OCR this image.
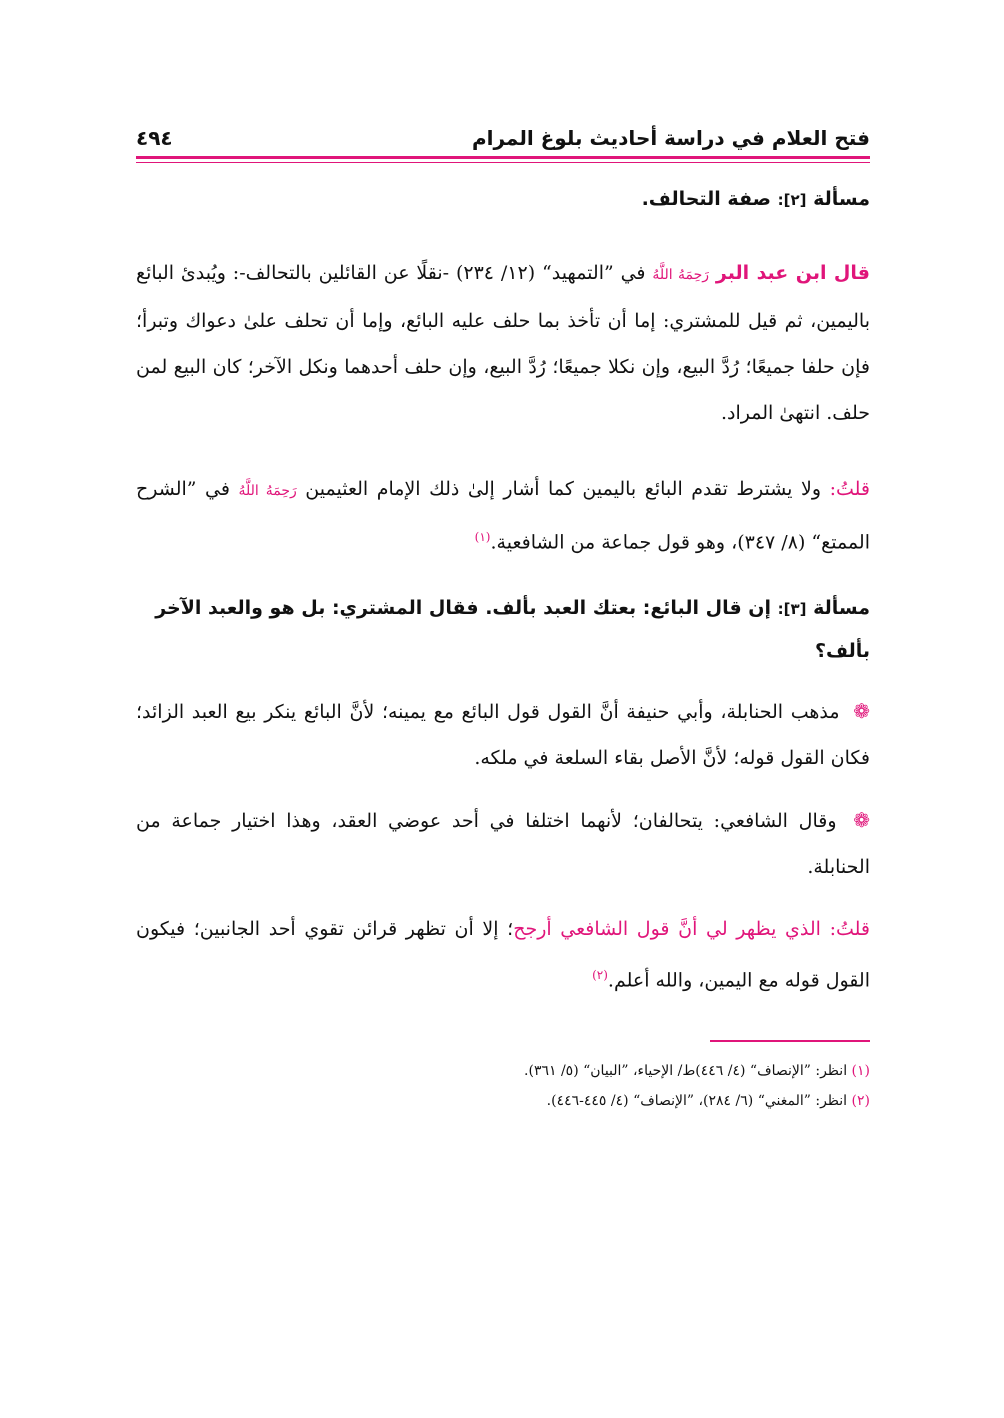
فتح العلام في دراسة أحاديث بلوغ المرام
٤٩٤
مسألة [٢]: صفة التحالف.

قال ابن عبد البر رَحِمَهُ اللَّهُ في ”التمهيد“ (١٢/ ٢٣٤) -نقلًا عن القائلين بالتحالف-: ويُبدئ البائع باليمين، ثم قيل للمشتري: إما أن تأخذ بما حلف عليه البائع، وإما أن تحلف علىٰ دعواك وتبرأ؛ فإن حلفا جميعًا؛ رُدَّ البيع، وإن نكلا جميعًا؛ رُدَّ البيع، وإن حلف أحدهما ونكل الآخر؛ كان البيع لمن حلف. انتهىٰ المراد.

قلتُ: ولا يشترط تقدم البائع باليمين كما أشار إلىٰ ذلك الإمام العثيمين رَحِمَهُ اللَّهُ في ”الشرح الممتع“ (٨/ ٣٤٧)، وهو قول جماعة من الشافعية.$^{(١)}$

مسألة [٣]: إن قال البائع: بعتك العبد بألف. فقال المشتري: بل هو والعبد الآخر بألف؟

❁ مذهب الحنابلة، وأبي حنيفة أنَّ القول قول البائع مع يمينه؛ لأنَّ البائع ينكر بيع العبد الزائد؛ فكان القول قوله؛ لأنَّ الأصل بقاء السلعة في ملكه.

❁ وقال الشافعي: يتحالفان؛ لأنهما اختلفا في أحد عوضي العقد، وهذا اختيار جماعة من الحنابلة.

قلتُ: الذي يظهر لي أنَّ قول الشافعي أرجح؛ إلا أن تظهر قرائن تقوي أحد الجانبين؛ فيكون القول قوله مع اليمين، والله أعلم.$^{(٢)}$

(١) انظر: ”الإنصاف“ (٤/ ٤٤٦)ط/ الإحياء، ”البيان“ (٥/ ٣٦١).
(٢) انظر: ”المغني“ (٦/ ٢٨٤)، ”الإنصاف“ (٤/ ٤٤٥-٤٤٦).
